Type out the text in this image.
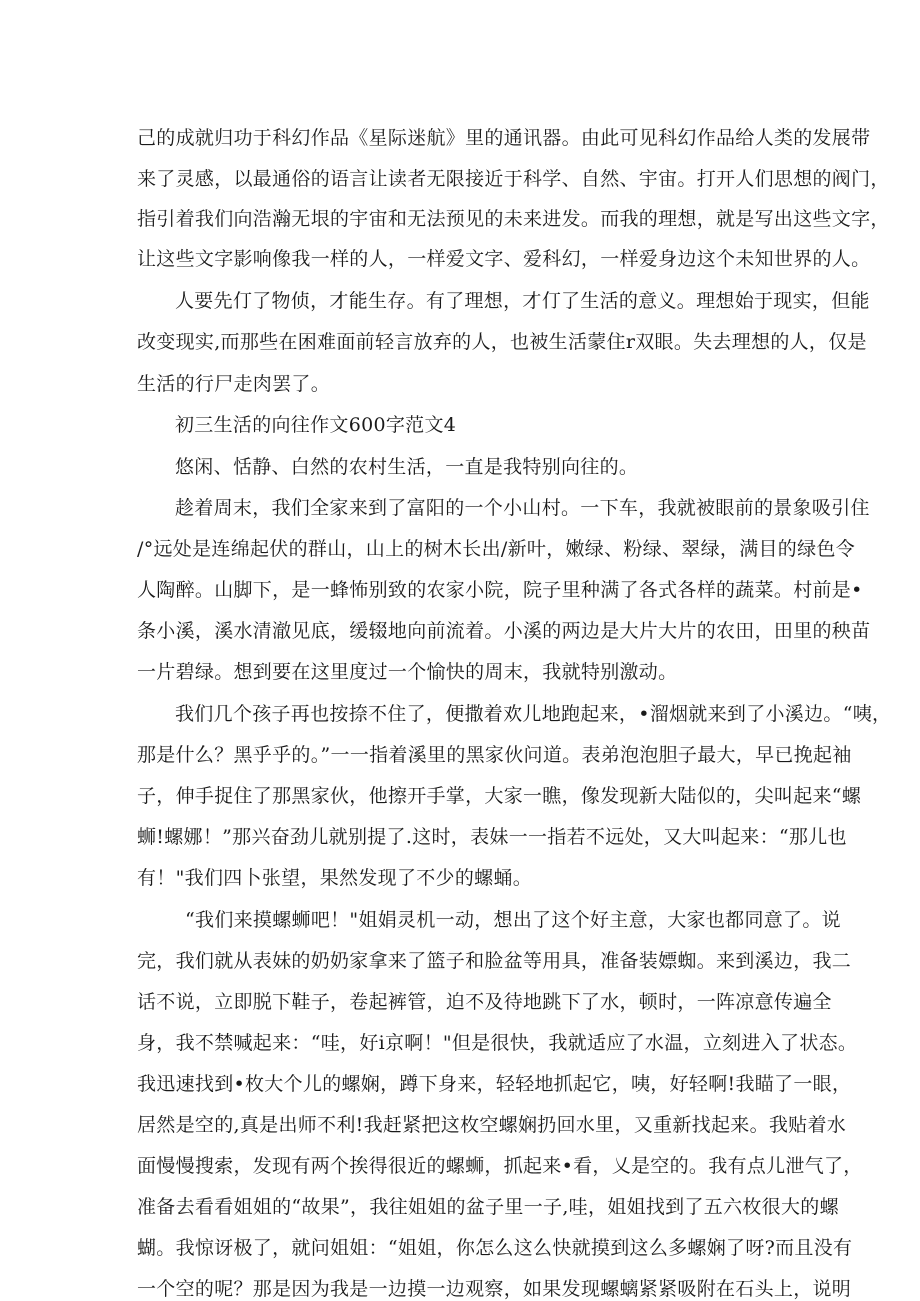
己的成就归功于科幻作品《星际迷航》里的通讯器。由此可见科幻作品给人类的发展带
来了灵感，以最通俗的语言让读者无限接近于科学、自然、宇宙。打开人们思想的阀门，
指引着我们向浩瀚无垠的宇宙和无法预见的未来进发。而我的理想，就是写出这些文字，
让这些文字影响像我一样的人，一样爱文字、爱科幻，一样爱身边这个未知世界的人。
人要先仃了物侦，才能生存。有了理想，才仃了生活的意义。理想始于现实，但能
改变现实,而那些在困难面前轻言放弃的人，也被生活蒙住r双眼。失去理想的人，仅是
生活的行尸走肉罢了。
初三生活的向往作文600字范文4
悠闲、恬静、白然的农村生活，一直是我特别向往的。
趁着周末，我们全家来到了富阳的一个小山村。一下车，我就被眼前的景象吸引住
/°远处是连绵起伏的群山，山上的树木长出/新叶，嫩绿、粉绿、翠绿，满目的绿色令
人陶醉。山脚下，是一蜂怖别致的农家小院，院子里种满了各式各样的蔬菜。村前是•
条小溪，溪水清澈见底，缓辍地向前流着。小溪的两边是大片大片的农田，田里的秧苗
一片碧绿。想到要在这里度过一个愉快的周末，我就特别激动。
我们几个孩子再也按捺不住了，便撒着欢儿地跑起来，•溜烟就来到了小溪边。“咦，
那是什么？黑乎乎的。”一一指着溪里的黑家伙问道。表弟泡泡胆子最大，早已挽起袖
子，伸手捉住了那黑家伙，他擦开手掌，大家一瞧，像发现新大陆似的，尖叫起来“螺
蛳!螺娜！”那兴奋劲儿就别提了.这时，表妹一一指若不远处，又大叫起来：“那儿也
有！"我们四卜张望，果然发现了不少的螺蛹。
“我们来摸螺蛳吧！"姐娟灵机一动，想出了这个好主意，大家也都同意了。说
完，我们就从表妹的奶奶家拿来了篮子和脸盆等用具，准备装嫖蜘。来到溪边，我二
话不说，立即脱下鞋子，卷起裤管，迫不及待地跳下了水，顿时，一阵凉意传遍全
身，我不禁喊起来：“哇，好i京啊！"但是很快，我就适应了水温，立刻进入了状态。
我迅速找到•枚大个儿的螺娴，蹲下身来，轻轻地抓起它，咦，好轻啊!我瞄了一眼，
居然是空的,真是出师不利!我赶紧把这枚空螺娴扔回水里，又重新找起来。我贴着水
面慢慢搜索，发现有两个挨得很近的螺蛳，抓起来•看，乂是空的。我有点儿泄气了，
准备去看看姐姐的“故果”，我往姐姐的盆子里一子,哇，姐姐找到了五六枚很大的螺
蝴。我惊讶极了，就问姐姐：“姐姐，你怎么这么快就摸到这么多螺娴了呀?而且没有
一个空的呢？那是因为我是一边摸一边观察，如果发现螺螭紧紧吸附在石头上，说明
